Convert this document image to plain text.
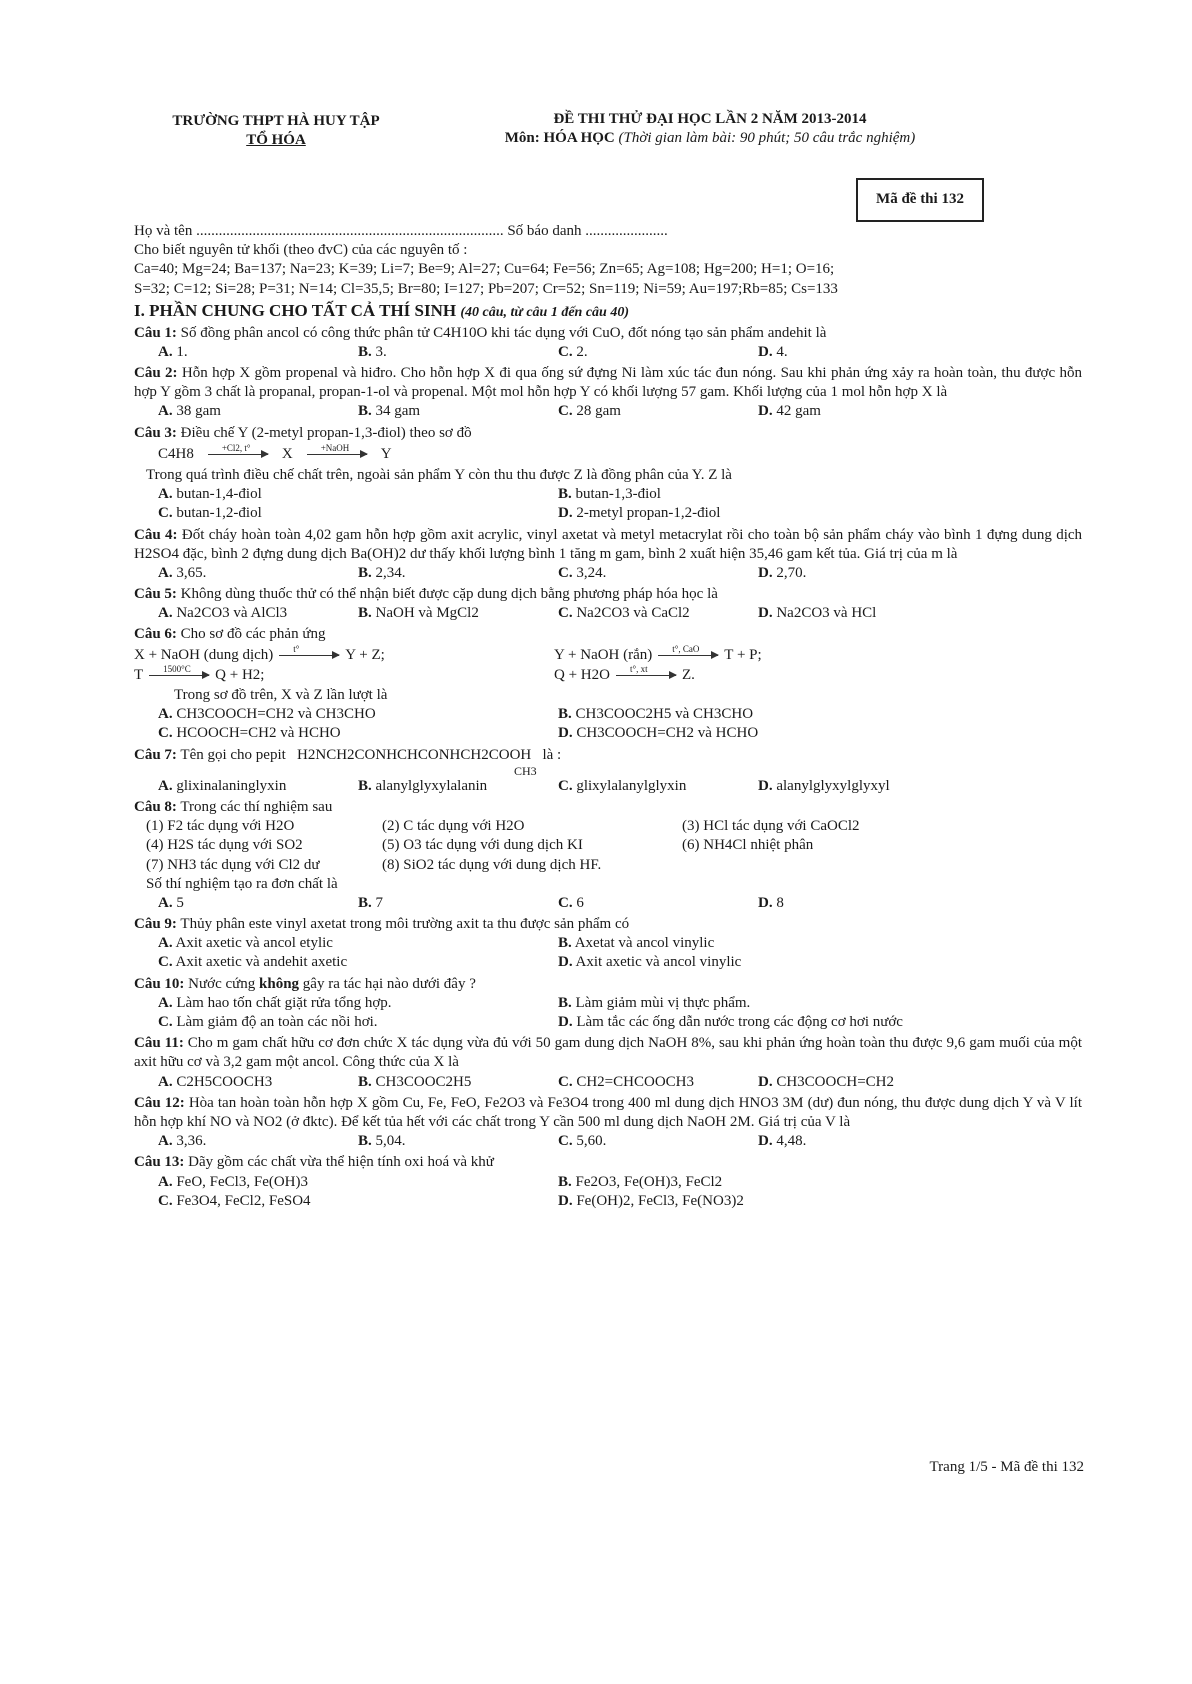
TRƯỜNG THPT HÀ HUY TẬP
TỔ HÓA
ĐỀ THI THỬ ĐẠI HỌC LẦN 2 NĂM 2013-2014
Môn: HÓA HỌC (Thời gian làm bài: 90 phút; 50 câu trắc nghiệm)
Mã đề thi 132

Họ và tên .................................................................................. Số báo danh ......................

Cho biết nguyên tử khối (theo đvC) của các nguyên tố :

Ca=40; Mg=24; Ba=137; Na=23; K=39; Li=7; Be=9; Al=27; Cu=64; Fe=56; Zn=65; Ag=108; Hg=200; H=1; O=16;

S=32; C=12; Si=28; P=31; N=14; Cl=35,5; Br=80; I=127; Pb=207; Cr=52; Sn=119; Ni=59; Au=197;Rb=85; Cs=133

I. PHẦN CHUNG CHO TẤT CẢ THÍ SINH (40 câu, từ câu 1 đến câu 40)

Câu 1: Số đồng phân ancol có công thức phân tử C4H10O khi tác dụng với CuO, đốt nóng tạo sản phẩm andehit là

A. 1.	B. 3.	C. 2.	D. 4.

Câu 2: Hỗn hợp X gồm propenal và hiđro. Cho hỗn hợp X đi qua ống sứ đựng Ni làm xúc tác đun nóng. Sau khi phản ứng xảy ra hoàn toàn, thu được hỗn hợp Y gồm 3 chất là propanal, propan-1-ol và propenal. Một mol hỗn hợp Y có khối lượng 57 gam. Khối lượng của 1 mol hỗn hợp X là

A. 38 gam	B. 34 gam	C. 28 gam	D. 42 gam

Câu 3: Điều chế Y (2-metyl propan-1,3-điol) theo sơ đồ

C4H8	+Cl2, t° X	+NaOH Y

Trong quá trình điều chế chất trên, ngoài sản phẩm Y còn thu thu được Z là đồng phân của Y. Z là

A. butan-1,4-điol	B. butan-1,3-điol
C. butan-1,2-điol	D. 2-metyl propan-1,2-điol

Câu 4: Đốt cháy hoàn toàn 4,02 gam hỗn hợp gồm axit acrylic, vinyl axetat và metyl metacrylat rồi cho toàn bộ sản phẩm cháy vào bình 1 đựng dung dịch H2SO4 đặc, bình 2 đựng dung dịch Ba(OH)2 dư thấy khối lượng bình 1 tăng m gam, bình 2 xuất hiện 35,46 gam kết tủa. Giá trị của m là

A. 3,65.	B. 2,34.	C. 3,24.	D. 2,70.

Câu 5: Không dùng thuốc thử có thể nhận biết được cặp dung dịch bằng phương pháp hóa học là

A. Na2CO3 và AlCl3	B. NaOH và MgCl2	C. Na2CO3 và CaCl2	D. Na2CO3 và HCl

Câu 6: Cho sơ đồ các phản ứng

X + NaOH (dung dịch) t°	Y + Z;	Y + NaOH (rắn) t°, CaO T + P;
T 1500°C Q + H2;	Q + H2O t°, xt Z.

Trong sơ đồ trên, X và Z lần lượt là

A. CH3COOCH=CH2 và CH3CHO	B. CH3COOC2H5 và CH3CHO
C. HCOOCH=CH2 và HCHO	D. CH3COOCH=CH2 và HCHO

Câu 7: Tên gọi cho pepit H2NCH2CONHCHCONHCH2COOH là :

CH3

A. glixinalaninglyxin	B. alanylglyxylalanin	C. glixylalanylglyxin	D. alanylglyxylglyxyl

Câu 8: Trong các thí nghiệm sau

(1) F2 tác dụng với H2O	(2) C tác dụng với H2O	(3) HCl tác dụng với CaOCl2
(4) H2S tác dụng với SO2	(5) O3 tác dụng với dung dịch KI	(6) NH4Cl nhiệt phân
(7) NH3 tác dụng với Cl2 dư	(8) SiO2 tác dụng với dung dịch HF.

Số thí nghiệm tạo ra đơn chất là

A. 5	B. 7	C. 6	D. 8

Câu 9: Thủy phân este vinyl axetat trong môi trường axit ta thu được sản phẩm có

A. Axit axetic và ancol etylic	B. Axetat và ancol vinylic
C. Axit axetic và andehit axetic	D. Axit axetic và ancol vinylic

Câu 10: Nước cứng không gây ra tác hại nào dưới đây ?

A. Làm hao tốn chất giặt rửa tổng hợp.	B. Làm giảm mùi vị thực phẩm.
C. Làm giảm độ an toàn các nồi hơi.	D. Làm tắc các ống dẫn nước trong các động cơ hơi nước

Câu 11: Cho m gam chất hữu cơ đơn chức X tác dụng vừa đủ với 50 gam dung dịch NaOH 8%, sau khi phản ứng hoàn toàn thu được 9,6 gam muối của một axit hữu cơ và 3,2 gam một ancol. Công thức của X là

A. C2H5COOCH3	B. CH3COOC2H5	C. CH2=CHCOOCH3	D. CH3COOCH=CH2

Câu 12: Hòa tan hoàn toàn hỗn hợp X gồm Cu, Fe, FeO, Fe2O3 và Fe3O4 trong 400 ml dung dịch HNO3 3M (dư) đun nóng, thu được dung dịch Y và V lít hỗn hợp khí NO và NO2 (ở đktc). Để kết tủa hết với các chất trong Y cần 500 ml dung dịch NaOH 2M. Giá trị của V là

A. 3,36.	B. 5,04.	C. 5,60.	D. 4,48.

Câu 13: Dãy gồm các chất vừa thể hiện tính oxi hoá và khử

A. FeO, FeCl3, Fe(OH)3	B. Fe2O3, Fe(OH)3, FeCl2
C. Fe3O4, FeCl2, FeSO4	D. Fe(OH)2, FeCl3, Fe(NO3)2
Trang 1/5 - Mã đề thi 132
